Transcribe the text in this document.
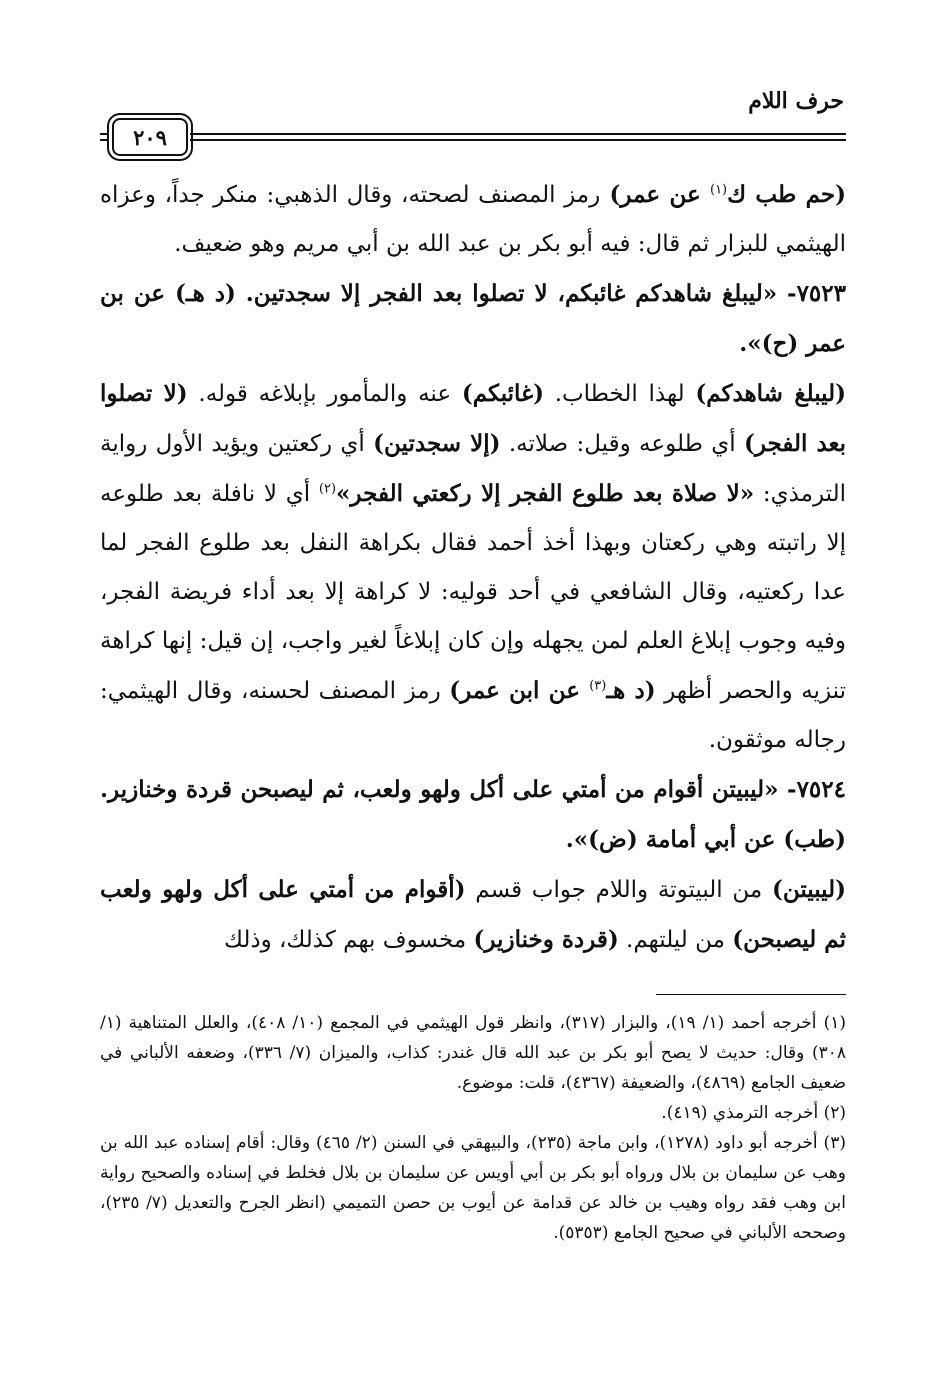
حرف اللام
٢٠٩

(حم طب ك$^{(١)}$ عن عمر) رمز المصنف لصحته، وقال الذهبي: منكر جداً، وعزاه الهيثمي للبزار ثم قال: فيه أبو بكر بن عبد الله بن أبي مريم وهو ضعيف.

٧٥٢٣- «ليبلغ شاهدكم غائبكم، لا تصلوا بعد الفجر إلا سجدتين. (د هـ) عن بن عمر (ح)».

(ليبلغ شاهدكم) لهذا الخطاب. (غائبكم) عنه والمأمور بإبلاغه قوله. (لا تصلوا بعد الفجر) أي طلوعه وقيل: صلاته. (إلا سجدتين) أي ركعتين ويؤيد الأول رواية الترمذي: «لا صلاة بعد طلوع الفجر إلا ركعتي الفجر»$^{(٢)}$ أي لا نافلة بعد طلوعه إلا راتبته وهي ركعتان وبهذا أخذ أحمد فقال بكراهة النفل بعد طلوع الفجر لما عدا ركعتيه، وقال الشافعي في أحد قوليه: لا كراهة إلا بعد أداء فريضة الفجر، وفيه وجوب إبلاغ العلم لمن يجهله وإن كان إبلاغاً لغير واجب، إن قيل: إنها كراهة تنزيه والحصر أظهر (د هـ$^{(٣)}$ عن ابن عمر) رمز المصنف لحسنه، وقال الهيثمي: رجاله موثقون.

٧٥٢٤- «ليبيتن أقوام من أمتي على أكل ولهو ولعب، ثم ليصبحن قردة وخنازير. (طب) عن أبي أمامة (ض)».

(ليبيتن) من البيتوتة واللام جواب قسم (أقوام من أمتي على أكل ولهو ولعب ثم ليصبحن) من ليلتهم. (قردة وخنازير) مخسوف بهم كذلك، وذلك

(١) أخرجه أحمد (١/ ١٩)، والبزار (٣١٧)، وانظر قول الهيثمي في المجمع (١٠/ ٤٠٨)، والعلل المتناهية (١/ ٣٠٨) وقال: حديث لا يصح أبو بكر بن عبد الله قال غندر: كذاب، والميزان (٧/ ٣٣٦)، وضعفه الألباني في ضعيف الجامع (٤٨٦٩)، والضعيفة (٤٣٦٧)، قلت: موضوع.

(٢) أخرجه الترمذي (٤١٩).

(٣) أخرجه أبو داود (١٢٧٨)، وابن ماجة (٢٣٥)، والبيهقي في السنن (٢/ ٤٦٥) وقال: أقام إسناده عبد الله بن وهب عن سليمان بن بلال ورواه أبو بكر بن أبي أويس عن سليمان بن بلال فخلط في إسناده والصحيح رواية ابن وهب فقد رواه وهيب بن خالد عن قدامة عن أيوب بن حصن التميمي (انظر الجرح والتعديل (٧/ ٢٣٥)، وصححه الألباني في صحيح الجامع (٥٣٥٣).
